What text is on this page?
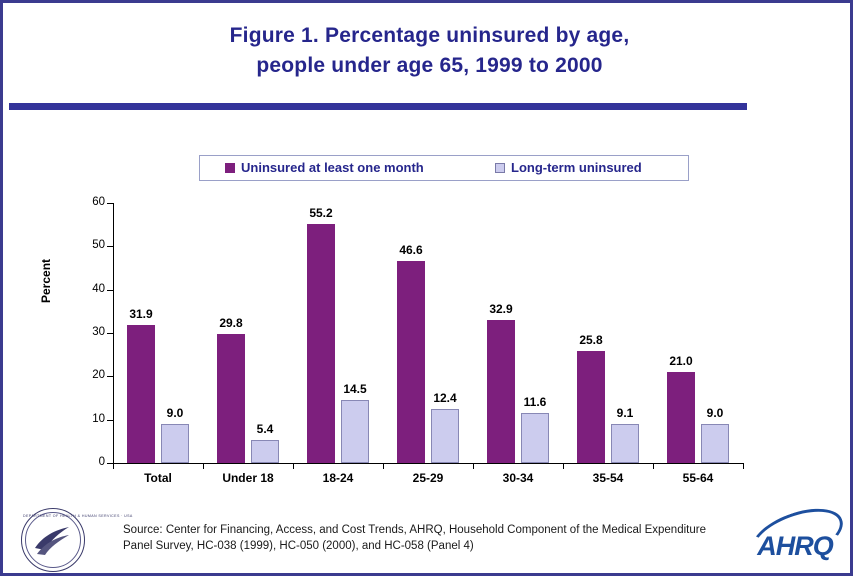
Figure 1. Percentage uninsured by age,
people under age 65, 1999 to 2000
Uninsured at least one month	Long-term uninsured
Percent
0
10
20
30
40
50
60
31.9
9.0
29.8
5.4
55.2
14.5
46.6
12.4
32.9
11.6
25.8
9.1
21.0
9.0
Total	Under 18	18-24	25-29	30-34	35-54	55-64
Source: Center for Financing, Access, and Cost Trends, AHRQ, Household Component of the Medical Expenditure Panel Survey, HC-038 (1999), HC-050 (2000), and HC-058 (Panel 4)
DEPARTMENT OF HEALTH & HUMAN SERVICES · USA
AHRQ
